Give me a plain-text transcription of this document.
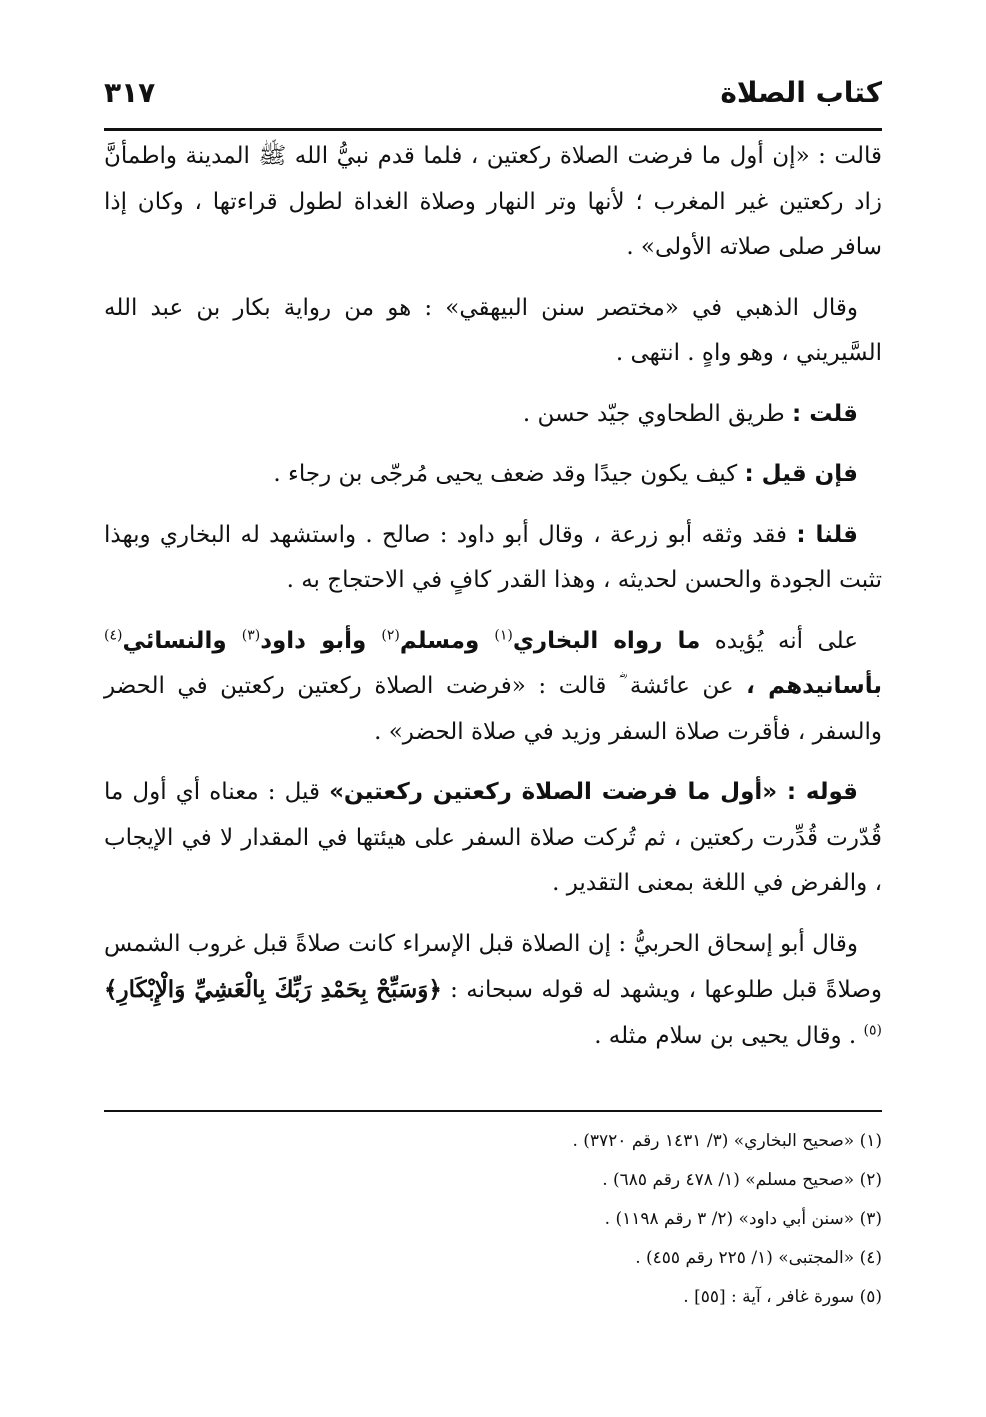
كتاب الصلاة
٣١٧

قالت : «إن أول ما فرضت الصلاة ركعتين ، فلما قدم نبيُّ الله ﷺ المدينة واطمأنَّ زاد ركعتين غير المغرب ؛ لأنها وتر النهار وصلاة الغداة لطول قراءتها ، وكان إذا سافر صلى صلاته الأولى» .

وقال الذهبي في «مختصر سنن البيهقي» : هو من رواية بكار بن عبد الله السَّيريني ، وهو واهٍ . انتهى .

قلت : طريق الطحاوي جيّد حسن .

فإن قيل : كيف يكون جيدًا وقد ضعف يحيى مُرجّى بن رجاء .

قلنا : فقد وثقه أبو زرعة ، وقال أبو داود : صالح . واستشهد له البخاري وبهذا تثبت الجودة والحسن لحديثه ، وهذا القدر كافٍ في الاحتجاج به .

على أنه يُؤيده ما رواه البخاري$^{(١)}$ ومسلم$^{(٢)}$ وأبو داود$^{(٣)}$ والنسائي$^{(٤)}$ بأسانيدهم ، عن عائشة ؓ قالت : «فرضت الصلاة ركعتين ركعتين في الحضر والسفر ، فأقرت صلاة السفر وزيد في صلاة الحضر» .

قوله : «أول ما فرضت الصلاة ركعتين ركعتين» قيل : معناه أي أول ما قُدّرت قُدِّرت ركعتين ، ثم تُركت صلاة السفر على هيئتها في المقدار لا في الإيجاب ، والفرض في اللغة بمعنى التقدير .

وقال أبو إسحاق الحربيُّ : إن الصلاة قبل الإسراء كانت صلاةً قبل غروب الشمس وصلاةً قبل طلوعها ، ويشهد له قوله سبحانه : ﴿وَسَبِّحْ بِحَمْدِ رَبِّكَ بِالْعَشِيِّ وَالْإِبْكَارِ﴾$^{(٥)}$ . وقال يحيى بن سلام مثله .

(١) «صحيح البخاري» (٣/ ١٤٣١ رقم ٣٧٢٠) .

(٢) «صحيح مسلم» (١/ ٤٧٨ رقم ٦٨٥) .

(٣) «سنن أبي داود» (٢/ ٣ رقم ١١٩٨) .

(٤) «المجتبى» (١/ ٢٢٥ رقم ٤٥٥) .

(٥) سورة غافر ، آية : [٥٥] .
